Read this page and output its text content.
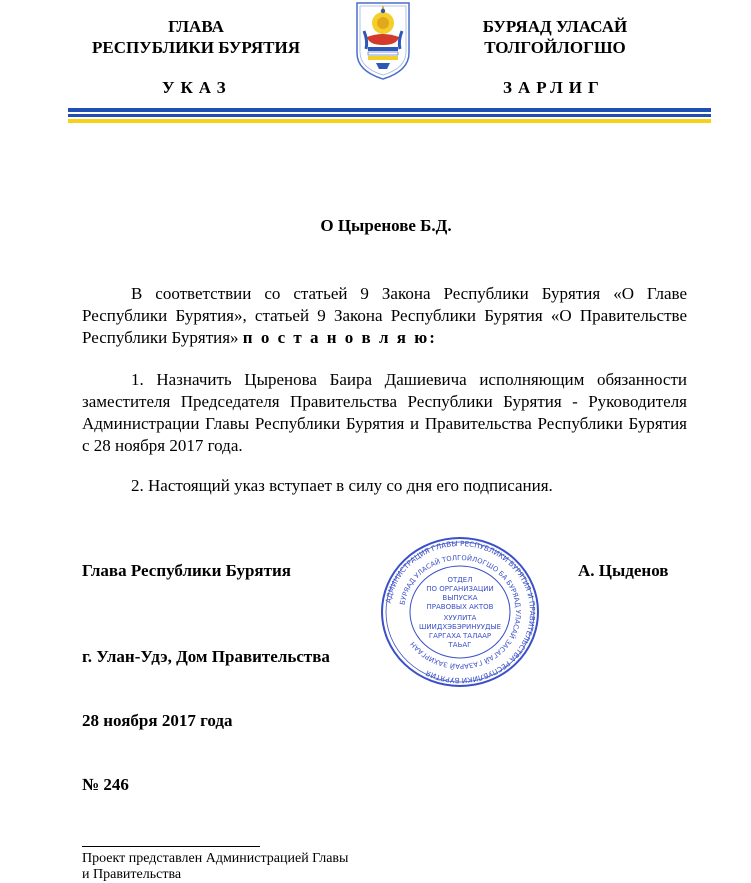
ГЛАВА
РЕСПУБЛИКИ БУРЯТИЯ
УКАЗ
БУРЯАД УЛАСАЙ
ТОЛГОЙЛОГШО
ЗАРЛИГ
О Цыренове Б.Д.
В соответствии со статьей 9 Закона Республики Бурятия «О Главе Республики Бурятия», статьей 9 Закона Республики Бурятия «О Правительстве Республики Бурятия» п о с т а н о в л я ю:
1. Назначить Цыренова Баира Дашиевича исполняющим обязанности заместителя Председателя Правительства Республики Бурятия - Руководителя Администрации Главы Республики Бурятия и Правительства Республики Бурятия с 28 ноября 2017 года.
2. Настоящий указ вступает в силу со дня его подписания.
Глава Республики Бурятия	А. Цыденов
АДМИНИСТРАЦИЯ ГЛАВЫ РЕСПУБЛИКИ БУРЯТИЯ И ПРАВИТЕЛЬСТВА РЕСПУБЛИКИ БУРЯТИЯ
БУРЯАД УЛАСАЙ ТОЛГОЙЛОГШО БА БУРЯАД УЛАСАЙ ЗАСАГАЙ ГАЗАРАЙ ЗАХИРГААН
ОТДЕЛ
ПО ОРГАНИЗАЦИИ
ВЫПУСКА
ПРАВОВЫХ АКТОВ
ХУУЛИТА
ШИИДХЭБЭРИНУУДЫЕ
ГАРГАХА ТАЛААР
ТАЬАГ
г. Улан-Удэ, Дом Правительства
28 ноября 2017 года
№ 246
Проект представлен Администрацией Главы
и Правительства
